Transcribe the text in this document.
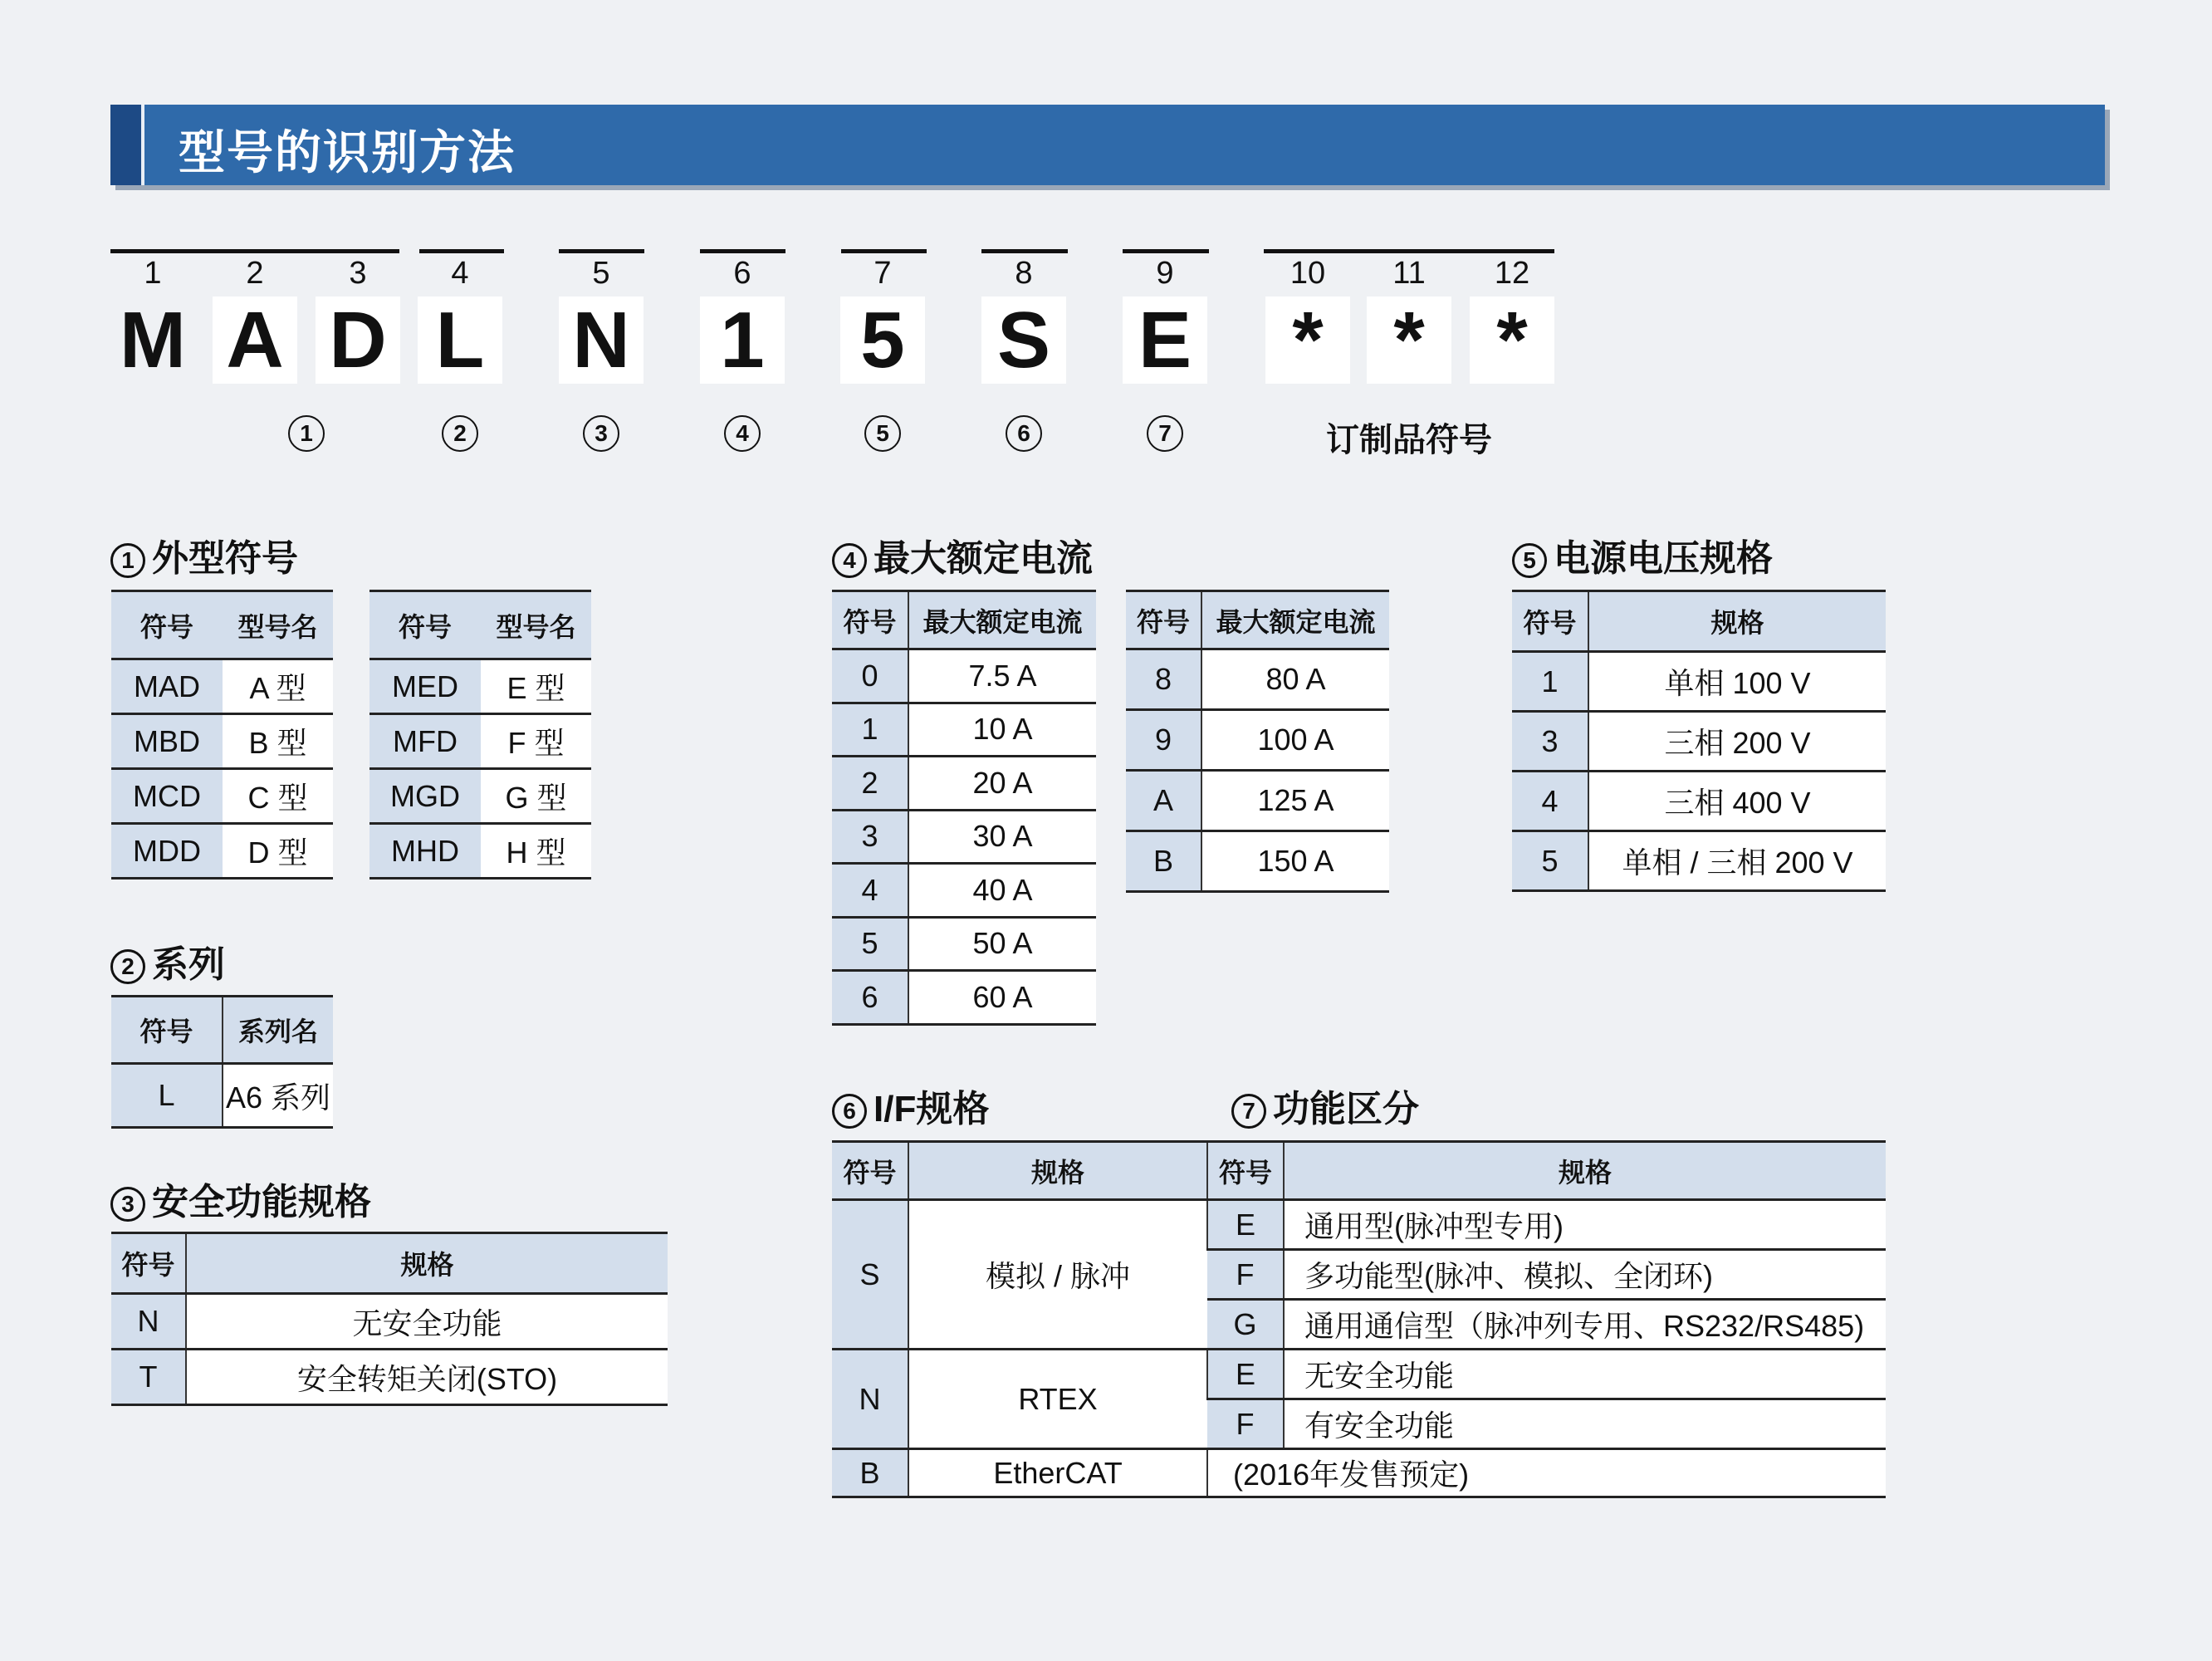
型号的识别方法
1
M
2
A
3
D
4
L
5
N
6
1
7
5
8
S
9
E
10
*
11
*
12
*
1	2	3	4	5	6	7	订制品符号
1 外型符号
2 系列
3 安全功能规格
4 最大额定电流	5 电源电压规格
6 I/F规格	7 功能区分
符号	型号名
MAD	A 型
MBD	B 型
MCD	C 型
MDD	D 型
符号	型号名
MED	E 型
MFD	F 型
MGD	G 型
MHD	H 型
符号	系列名
L	A6 系列
符号	规格
N	无安全功能
T	安全转矩关闭(STO)
符号	最大额定电流
0	7.5 A
1	10 A
2	20 A
3	30 A
4	40 A
5	50 A
6	60 A
符号	最大额定电流
8	80 A
9	100 A
A	125 A
B	150 A
符号	规格
1	单相 100 V
3	三相 200 V
4	三相 400 V
5	单相 / 三相 200 V
符号	规格	符号	规格
S	模拟 / 脉冲	E	通用型(脉冲型专用)
		F	多功能型(脉冲、模拟、全闭环)
		G	通用通信型（脉冲列专用、RS232/RS485)
N	RTEX	E	无安全功能
		F	有安全功能
B	EtherCAT	(2016年发售预定)	
